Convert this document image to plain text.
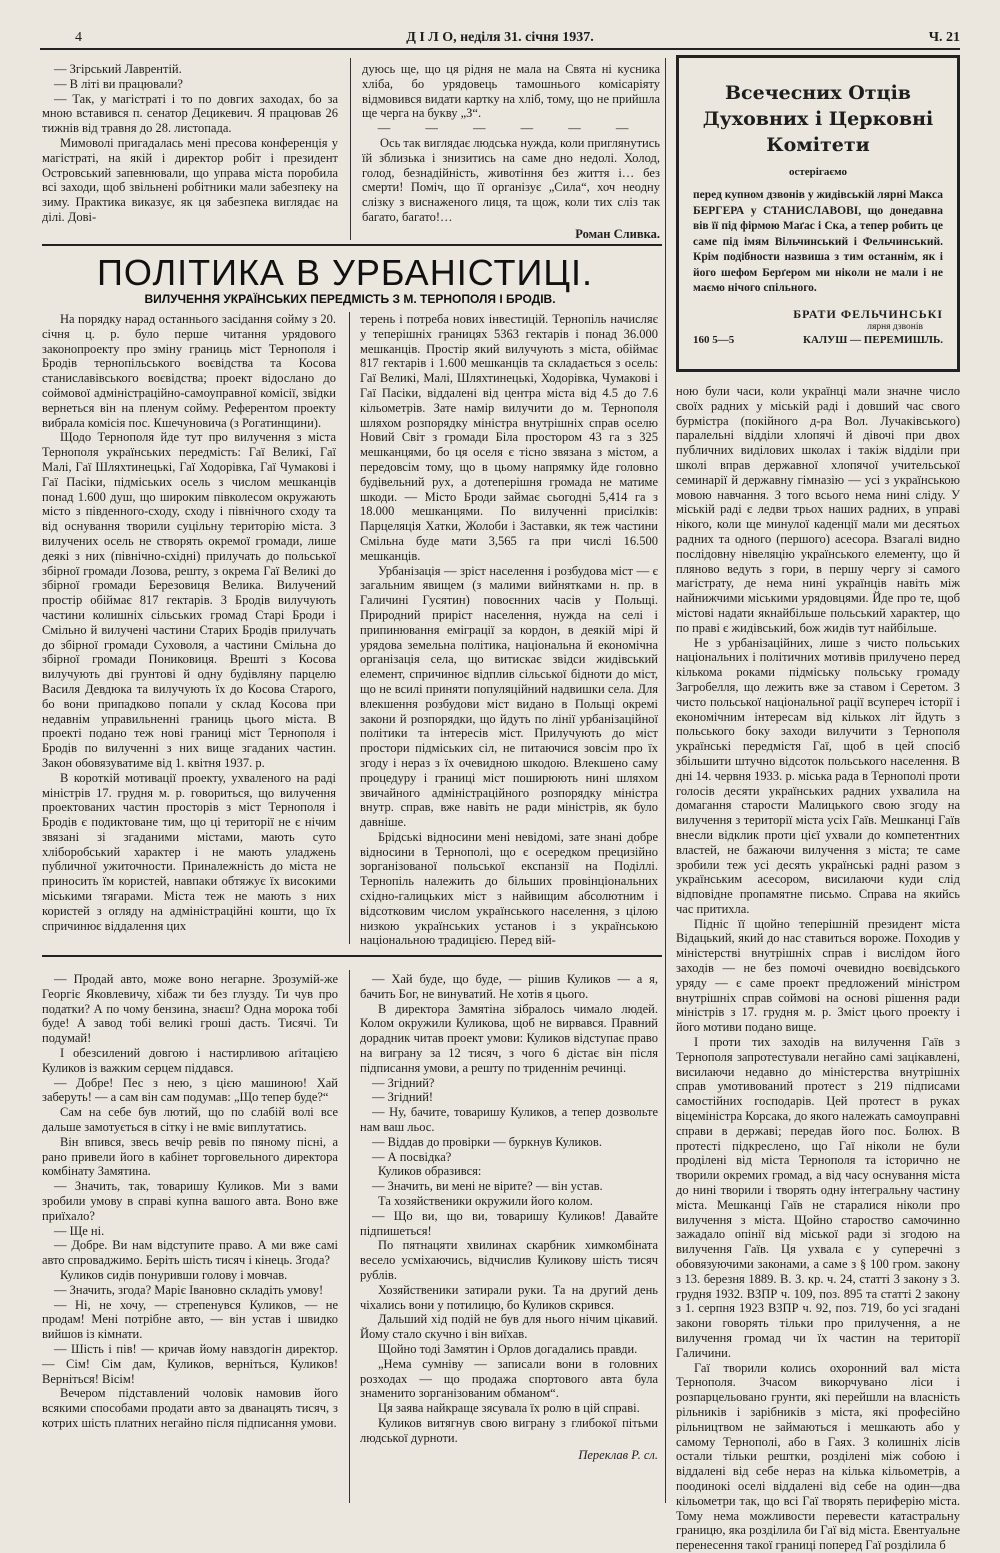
4	Д І Л О, неділя 31. січня 1937.	Ч. 21

— Згірський Лаврентій.

— В літі ви працювали?

— Так, у магістраті і то по довгих заходах, бо за мною вставився п. сенатор Децикевич. Я працював 26 тижнів від травня до 28. листопада.

Мимоволі пригадалась мені пресова конференція у магістраті, на якій і директор робіт і президент Островський запевнювали, що управа міста поробила всі заходи, щоб звільнені робітники мали забезпеку на зиму. Практика виказує, як ця забезпека виглядає на ділі. Дові-

дуюсь ще, що ця рідня не мала на Свята ні кусника хліба, бо урядовець тамошнього комісаріяту відмовився видати картку на хліб, тому, що не прийшла ще черга на букву „З“.

— — — — — —

Ось так виглядає людська нужда, коли приглянутись їй зблизька і знизитись на саме дно недолі. Холод, голод, безнадійність, животіння без життя і… без смерти! Поміч, що її організує „Сила“, хоч неодну слізку з виснаженого лиця, та щож, коли тих сліз так багато, багато!…

Роман Сливка.
ПОЛІТИКА В УРБАНІСТИЦІ.
ВИЛУЧЕННЯ УКРАЇНСЬКИХ ПЕРЕДМІСТЬ З М. ТЕРНОПОЛЯ І БРОДІВ.

На порядку нарад останнього засідання сойму з 20. січня ц. р. було перше читання урядового законопроекту про зміну границь міст Тернополя і Бродів тернопільського воєвідства та Косова станиславівського воєвідства; проект відослано до соймової адміністраційно-самоуправної комісії, звідки вернеться він на пленум сойму. Референтом проекту вибрала комісія пос. Кшечуновича (з Рогатинщини).

Щодо Тернополя йде тут про вилучення з міста Тернополя українських передмість: Гаї Великі, Гаї Малі, Гаї Шляхтинецькі, Гаї Ходорівка, Гаї Чумакові і Гаї Пасіки, підміських осель з числом мешканців понад 1.600 душ, що широким півколесом окружають місто з південного-сходу, сходу і північного сходу та від оснування творили суцільну територію міста. З вилучених осель не створять окремої громади, лише деякі з них (північно-східні) прилучать до польської збірної громади Лозова, решту, з окрема Гаї Великі до збірної громади Березовиця Велика. Вилучений простір обіймає 817 гектарів. З Бродів вилучують частини колишніх сільських громад Старі Броди і Смільно й вилучені частини Старих Бродів прилучать до збірної громади Суховоля, а частини Смільна до збірної громади Пониковиця. Врешті з Косова вилучують дві грунтові й одну будівляну парцелю Василя Девдюка та вилучують їх до Косова Старого, бо вони припадково попали у склад Косова при недавнім управильненні границь цього міста. В проекті подано теж нові границі міст Тернополя і Бродів по вилученні з них вище згаданих частин. Закон обовязуватиме від 1. квітня 1937. р.

В короткій мотивації проекту, ухваленого на раді міністрів 17. грудня м. р. говориться, що вилучення проектованих частин просторів з міст Тернополя і Бродів є подиктоване тим, що ці території не є нічим звязані зі згаданими містами, мають суто хліборобський характер і не мають уладжень публичної ужиточности. Приналежність до міста не приносить їм користей, навпаки обтяжує їх високими міськими тягарами. Міста теж не мають з них користей з огляду на адміністраційні кошти, що їх спричинює віддалення цих

терень і потреба нових інвестицій. Тернопіль начисляє у теперішніх границях 5363 гектарів і понад 36.000 мешканців. Простір який вилучують з міста, обіймає 817 гектарів і 1.600 мешканців та складається з осель: Гаї Великі, Малі, Шляхтинецькі, Ходорівка, Чумакові і Гаї Пасіки, віддалені від центра міста від 4.5 до 7.6 кільометрів. Зате намір вилучити до м. Тернополя шляхом розпорядку міністра внутрішніх справ оселю Новий Світ з громади Біла простором 43 га з 325 мешканцями, бо ця оселя є тісно звязана з містом, а передовсім тому, що в цьому напрямку йде головно будівельний рух, а дотеперішня громада не матиме шкоди. — Місто Броди займає сьогодні 5,414 га з 18.000 мешканцями. По вилученні присілків: Парцеляція Хатки, Жолоби і Заставки, як теж частини Смільна буде мати 3,565 га при числі 16.500 мешканців.

Урбанізація — зріст населення і розбудова міст — є загальним явищем (з малими вийнятками н. пр. в Галичині Гусятин) повоєнних часів у Польщі. Природний приріст населення, нужда на селі і припинювання еміграції за кордон, в деякій мірі й урядова земельна політика, національна й економічна організація села, що витискає звідси жидівський елемент, спричинює відплив сільської бідноти до міст, що не всилі приняти популяційний надвишки села. Для влекшення розбудови міст видано в Польщі окремі закони й розпорядки, що йдуть по лінії урбанізаційної політики та інтересів міст. Прилучують до міст простори підміських сіл, не питаючися зовсім про їх згоду і нераз з їх очевидною шкодою. Влекшено саму процедуру і границі міст поширюють нині шляхом звичайного адміністраційного розпорядку міністра внутр. справ, вже навіть не ради міністрів, як було давніше.

Брідські відносини мені невідомі, зате знані добре відносини в Тернополі, що є осередком прецизійно зорганізованої польської експанзії на Поділлі. Тернопіль належить до більших провінціональних східно-галицьких міст з найвищим абсолютним і відсотковим числом українського населення, з цілою низкою українських установ і з українською національною традицією. Перед вій-

Всечесних Отців Духовних і Церковні Комітети
остерігаємо
перед купном дзвонів у жидівській лярні Макса БЕРГЕРА у СТАНИСЛАВОВІ, що донедавна вів її під фірмою Маґас і Ска, а тепер робить це саме під імям Вільчинський і Фельчинський. Крім подібности назвиша з тим останнім, як і його шефом Берґером ми ніколи не мали і не маємо нічого спільного.
БРАТИ ФЕЛЬЧИНСЬКІ
лярня дзвонів
160 5—5	КАЛУШ — ПЕРЕМИШЛЬ.

ною були часи, коли українці мали значне число своїх радних у міській раді і довший час свого бурмістра (покійного д-ра Вол. Лучаківського) паралельні відділи хлопячі й дівочі при двох публичних виділових школах і такіж відділи при школі вправ державної хлопячої учительської семинарії й державну гімназію — усі з українською мовою навчання. З того всього нема нині сліду. У міській раді є ледви трьох наших радних, в управі нікого, коли ще минулої каденції мали ми десятьох радних та одного (першого) асесора. Взагалі видно послідовну нівеляцію українського елементу, що й пляново ведуть з гори, в першу чергу зі самого магістрату, де нема нині українців навіть між найнижчими міськими урядовцями. Йде про те, щоб містові надати якнайбільше польський характер, що по праві є жидівський, бож жидів тут найбільше.

Не з урбанізаційних, лише з чисто польських національних і політичних мотивів прилучено перед кількома роками підміську польську громаду Загробелля, що лежить вже за ставом і Серетом. З чисто польської національної рації всупереч історії і економічним інтересам від кількох літ йдуть з польського боку заходи вилучити з Тернополя українські передмістя Гаї, щоб в цей спосіб збільшити штучно відсоток польського населення. В дні 14. червня 1933. р. міська рада в Тернополі проти голосів десяти українських радних ухвалила на домагання старости Малицького свою згоду на вилучення з території міста усіх Гаїв. Мешканці Гаїв внесли відклик проти цієї ухвали до компетентних властей, не бажаючи вилучення з міста; те саме зробили теж усі десять українські радні разом з українським асесором, висилаючи куди слід відповідне пропамятне письмо. Справа на якийсь час притихла.

Підніс її щойно теперішній президент міста Відацький, який до нас ставиться вороже. Походив у міністерстві внутрішніх справ і вислідом його заходів — не без помочі очевидно воєвідського уряду — є саме проект предложений міністром внутрішніх справ соймові на основі рішення ради міністрів з 17. грудня м. р. Зміст цього проекту і його мотиви подано вище.

І проти тих заходів на вилучення Гаїв з Тернополя запротестували негайно самі зацікавлені, висилаючи недавно до міністерства внутрішніх справ умотивований протест з 219 підписами самостійних господарів. Цей протест в руках віцеміністра Корсака, до якого належать самоуправні справи в державі; передав його пос. Болюх. В протесті підкреслено, що Гаї ніколи не були проділені від міста Тернополя та історично не творили окремих громад, а від часу оснування міста до нині творили і творять одну інтегральну частину міста. Мешканці Гаїв не старалися ніколи про вилучення з міста. Щойно староство самочинно зажадало опінії від міської ради зі згодою на вилучення Гаїв. Ця ухвала є у суперечні з обовязуючими законами, а саме з § 100 гром. закону з 13. березня 1889. В. З. кр. ч. 24, статті 3 закону з 3. грудня 1932. ВЗПР ч. 109, поз. 895 та статті 2 закону з 1. серпня 1923 ВЗПР ч. 92, поз. 719, бо усі згадані закони говорять тільки про прилучення, а не вилучення громад чи їх частин на території Галичини.

Гаї творили колись охоронний вал міста Тернополя. Зчасом викорчувано ліси і розпарцельовано грунти, які перейшли на власність рільників і зарібників з міста, які професійно рільництвом не займаються і мешкають або у самому Тернополі, або в Гаях. З колишніх лісів остали тільки рештки, розділені між собою і віддалені від себе нераз на кілька кільометрів, а поодинокі оселі віддалені від себе на один—два кільометри так, що всі Гаї творять периферію міста. Тому нема можливости перевести катастральну границю, яка розділила би Гаї від міста. Евентуальне перенесення такої границі поперед Гаї розділила б

— Продай авто, може воно негарне. Зрозумій-же Георгіє Яковлевичу, хібаж ти без глузду. Ти чув про податки? А по чому бензина, знаєш? Одна морока тобі буде! А завод тобі великі гроші дасть. Тисячі. Ти подумай!

І обезсилений довгою і настирливою аґітацією Куликов із важким серцем піддався.

— Добре! Пес з нею, з цією машиною! Хай заберуть! — а сам він сам подумав: „Що тепер буде?“

Сам на себе був лютий, що по слабій волі все дальше замотується в сітку і не вміє виплутатись.

Він впився, звесь вечір ревів по пяному пісні, а рано привели його в кабінет торговельного директора комбінату Замятина.

— Значить, так, товаришу Куликов. Ми з вами зробили умову в справі купна вашого авта. Воно вже приїхало?

— Ще ні.

— Добре. Ви нам відступите право. А ми вже самі авто спроваджимо. Беріть шість тисяч і кінець. Згода?

Куликов сидів понуривши голову і мовчав.

— Значить, згода? Маріє Івановно складіть умову!

— Ні, не хочу, — стрепенувся Куликов, — не продам! Мені потрібне авто, — він устав і швидко вийшов із кімнати.

— Шість і пів! — кричав йому навздогін директор. — Сім! Сім дам, Куликов, верніться, Куликов! Верніться! Вісім!

Вечером підставлений чоловік намовив його всякими способами продати авто за дванацять тисяч, з котрих шість платних негайно після підписання умови.

— Хай буде, що буде, — рішив Куликов — а я, бачить Бог, не винуватий. Не хотів я цього.

В директора Замятіна зібралось чимало людей. Колом окружили Куликова, щоб не вирвався. Правний дорадник читав проект умови: Куликов відступає право на виграну за 12 тисяч, з чого 6 дістає він після підписання умови, а решту по триденнім речинці.

— Згідний?

— Згідний!

— Ну, бачите, товаришу Куликов, а тепер дозвольте нам ваш льос.

— Віддав до провірки — буркнув Куликов.

— А посвідка?

Куликов образився:

— Значить, ви мені не вірите? — він устав.

Та хозяйственики окружили його колом.

— Що ви, що ви, товаришу Куликов! Давайте підпишеться!

По пятнацяти хвилинах скарбник химкомбіната весело усміхаючись, відчислив Куликову шість тисяч рублів.

Хозяйственики затирали руки. Та на другий день чіхались вони у потилицю, бо Куликов скрився.

Дальший хід подій не був для нього нічим цікавий. Йому стало скучно і він виїхав.

Щойно тоді Замятин і Орлов догадались правди.

„Нема сумніву — записали вони в головних розходах — що продажа спортового авта була знаменито зорганізованим обманом“.

Ця заява найкраще зясувала їх ролю в цій справі.

Куликов витягнув свою виграну з глибокої пітьми людської дурноти.

Переклав Р. сл.
